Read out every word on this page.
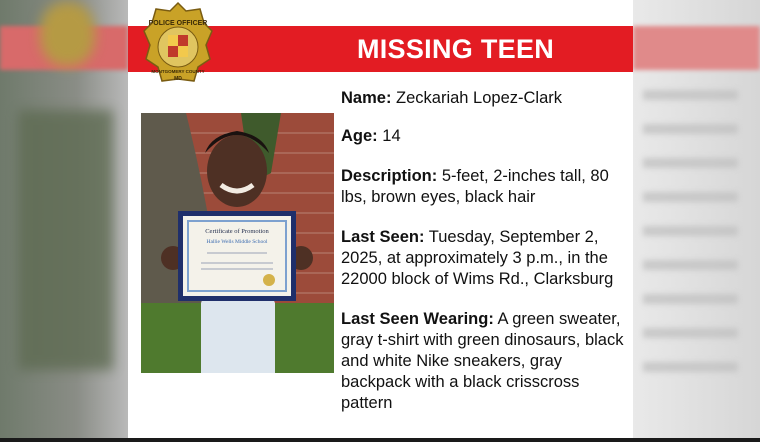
MISSING TEEN
POLICE OFFICER
MONTGOMERY COUNTY
MD
Certificate of Promotion
Hallie Wells Middle School
Name: Zeckariah Lopez-Clark
Age: 14
Description: 5-feet, 2-inches tall, 80 lbs, brown eyes, black hair
Last Seen: Tuesday, September 2, 2025, at approximately 3 p.m., in the 22000 block of Wims Rd., Clarksburg
Last Seen Wearing: A green sweater, gray t-shirt with green dinosaurs, black and white Nike sneakers, gray backpack with a black crisscross pattern
